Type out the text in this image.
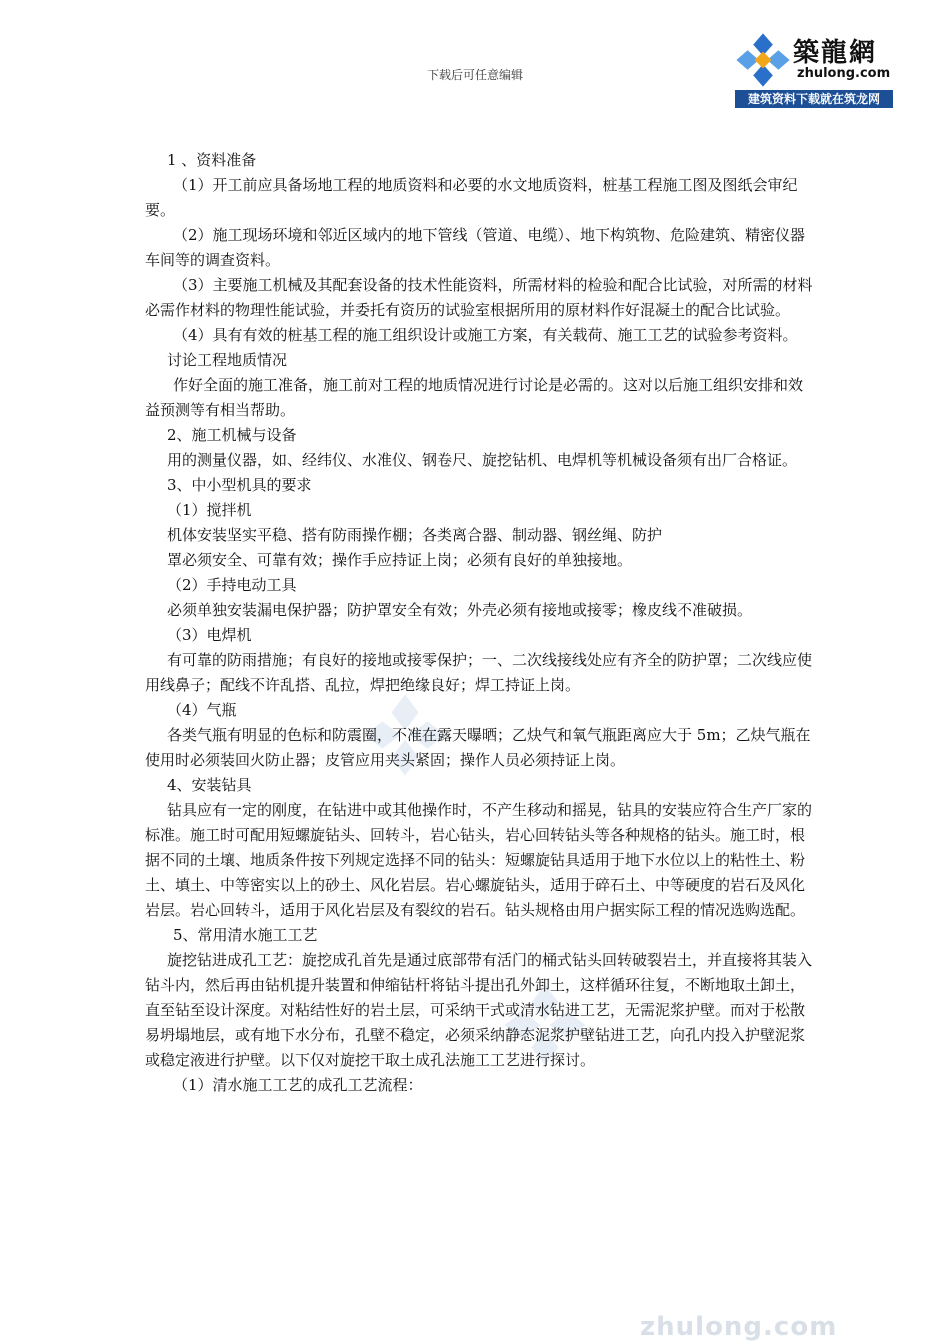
zhulong.com
下载后可任意编辑
築龍網
zhulong.com
建筑资料下载就在筑龙网

1 、资料准备

（1）开工前应具备场地工程的地质资料和必要的水文地质资料，桩基工程施工图及图纸会审纪要。

（2）施工现场环境和邻近区域内的地下管线（管道、电缆）、地下构筑物、危险建筑、精密仪器车间等的调查资料。

（3）主要施工机械及其配套设备的技术性能资料，所需材料的检验和配合比试验，对所需的材料必需作材料的物理性能试验，并委托有资历的试验室根据所用的原材料作好混凝土的配合比试验。

（4）具有有效的桩基工程的施工组织设计或施工方案，有关载荷、施工工艺的试验参考资料。

讨论工程地质情况

作好全面的施工准备，施工前对工程的地质情况进行讨论是必需的。这对以后施工组织安排和效益预测等有相当帮助。

2、施工机械与设备

用的测量仪器，如、经纬仪、水准仪、钢卷尺、旋挖钻机、电焊机等机械设备须有出厂合格证。

3、中小型机具的要求

（1）搅拌机

机体安装坚实平稳、搭有防雨操作棚；各类离合器、制动器、钢丝绳、防护

罩必须安全、可靠有效；操作手应持证上岗；必须有良好的单独接地。

（2）手持电动工具

必须单独安装漏电保护器；防护罩安全有效；外壳必须有接地或接零；橡皮线不准破损。

（3）电焊机

有可靠的防雨措施；有良好的接地或接零保护；一、二次线接线处应有齐全的防护罩；二次线应使用线鼻子；配线不许乱搭、乱拉，焊把绝缘良好；焊工持证上岗。

（4）气瓶

各类气瓶有明显的色标和防震圈，不准在露天曝晒；乙炔气和氧气瓶距离应大于 5m；乙炔气瓶在使用时必须装回火防止器；皮管应用夹头紧固；操作人员必须持证上岗。

4、安装钻具

钻具应有一定的刚度，在钻进中或其他操作时，不产生移动和摇晃，钻具的安装应符合生产厂家的标准。施工时可配用短螺旋钻头、回转斗，岩心钻头，岩心回转钻头等各种规格的钻头。施工时，根据不同的土壤、地质条件按下列规定选择不同的钻头：短螺旋钻具适用于地下水位以上的粘性土、粉土、填土、中等密实以上的砂土、风化岩层。岩心螺旋钻头，适用于碎石土、中等硬度的岩石及风化岩层。岩心回转斗，适用于风化岩层及有裂纹的岩石。钻头规格由用户据实际工程的情况选购选配。

5、常用清水施工工艺

旋挖钻进成孔工艺：旋挖成孔首先是通过底部带有活门的桶式钻头回转破裂岩土，并直接将其装入钻斗内，然后再由钻机提升装置和伸缩钻杆将钻斗提出孔外卸土，这样循环往复，不断地取土卸土，直至钻至设计深度。对粘结性好的岩土层，可采纳干式或清水钻进工艺，无需泥浆护壁。而对于松散易坍塌地层，或有地下水分布，孔壁不稳定，必须采纳静态泥浆护壁钻进工艺，向孔内投入护壁泥浆或稳定液进行护壁。以下仅对旋挖干取土成孔法施工工艺进行探讨。

（1）清水施工工艺的成孔工艺流程：
